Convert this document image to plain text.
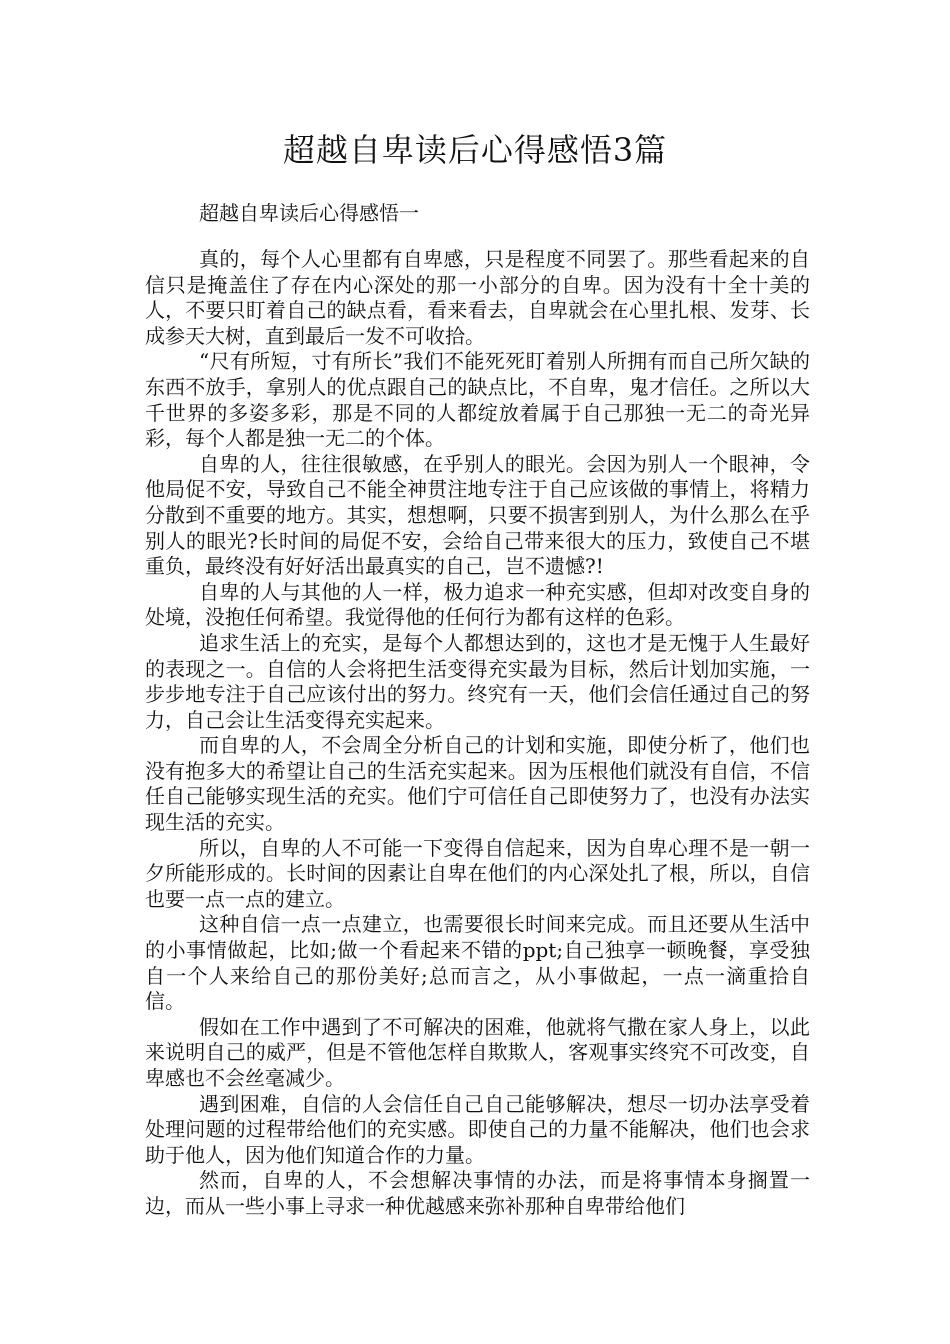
超越自卑读后心得感悟3篇
超越自卑读后心得感悟一

真的，每个人心里都有自卑感，只是程度不同罢了。那些看起来的自信只是掩盖住了存在内心深处的那一小部分的自卑。因为没有十全十美的人，不要只盯着自己的缺点看，看来看去，自卑就会在心里扎根、发芽、长成参天大树，直到最后一发不可收拾。

“尺有所短，寸有所长”我们不能死死盯着别人所拥有而自己所欠缺的东西不放手，拿别人的优点跟自己的缺点比，不自卑，鬼才信任。之所以大千世界的多姿多彩，那是不同的人都绽放着属于自己那独一无二的奇光异彩，每个人都是独一无二的个体。

自卑的人，往往很敏感，在乎别人的眼光。会因为别人一个眼神，令他局促不安，导致自己不能全神贯注地专注于自己应该做的事情上，将精力分散到不重要的地方。其实，想想啊，只要不损害到别人，为什么那么在乎别人的眼光?长时间的局促不安，会给自己带来很大的压力，致使自己不堪重负，最终没有好好活出最真实的自己，岂不遗憾?!

自卑的人与其他的人一样，极力追求一种充实感，但却对改变自身的处境，没抱任何希望。我觉得他的任何行为都有这样的色彩。

追求生活上的充实，是每个人都想达到的，这也才是无愧于人生最好的表现之一。自信的人会将把生活变得充实最为目标，然后计划加实施，一步步地专注于自己应该付出的努力。终究有一天，他们会信任通过自己的努力，自己会让生活变得充实起来。

而自卑的人，不会周全分析自己的计划和实施，即使分析了，他们也没有抱多大的希望让自己的生活充实起来。因为压根他们就没有自信，不信任自己能够实现生活的充实。他们宁可信任自己即使努力了，也没有办法实现生活的充实。

所以，自卑的人不可能一下变得自信起来，因为自卑心理不是一朝一夕所能形成的。长时间的因素让自卑在他们的内心深处扎了根，所以，自信也要一点一点的建立。

这种自信一点一点建立，也需要很长时间来完成。而且还要从生活中的小事情做起，比如;做一个看起来不错的ppt;自己独享一顿晚餐，享受独自一个人来给自己的那份美好;总而言之，从小事做起，一点一滴重拾自信。

假如在工作中遇到了不可解决的困难，他就将气撒在家人身上，以此来说明自己的威严，但是不管他怎样自欺欺人，客观事实终究不可改变，自卑感也不会丝毫减少。

遇到困难，自信的人会信任自己自己能够解决，想尽一切办法享受着处理问题的过程带给他们的充实感。即使自己的力量不能解决，他们也会求助于他人，因为他们知道合作的力量。

然而，自卑的人，不会想解决事情的办法，而是将事情本身搁置一边，而从一些小事上寻求一种优越感来弥补那种自卑带给他们
